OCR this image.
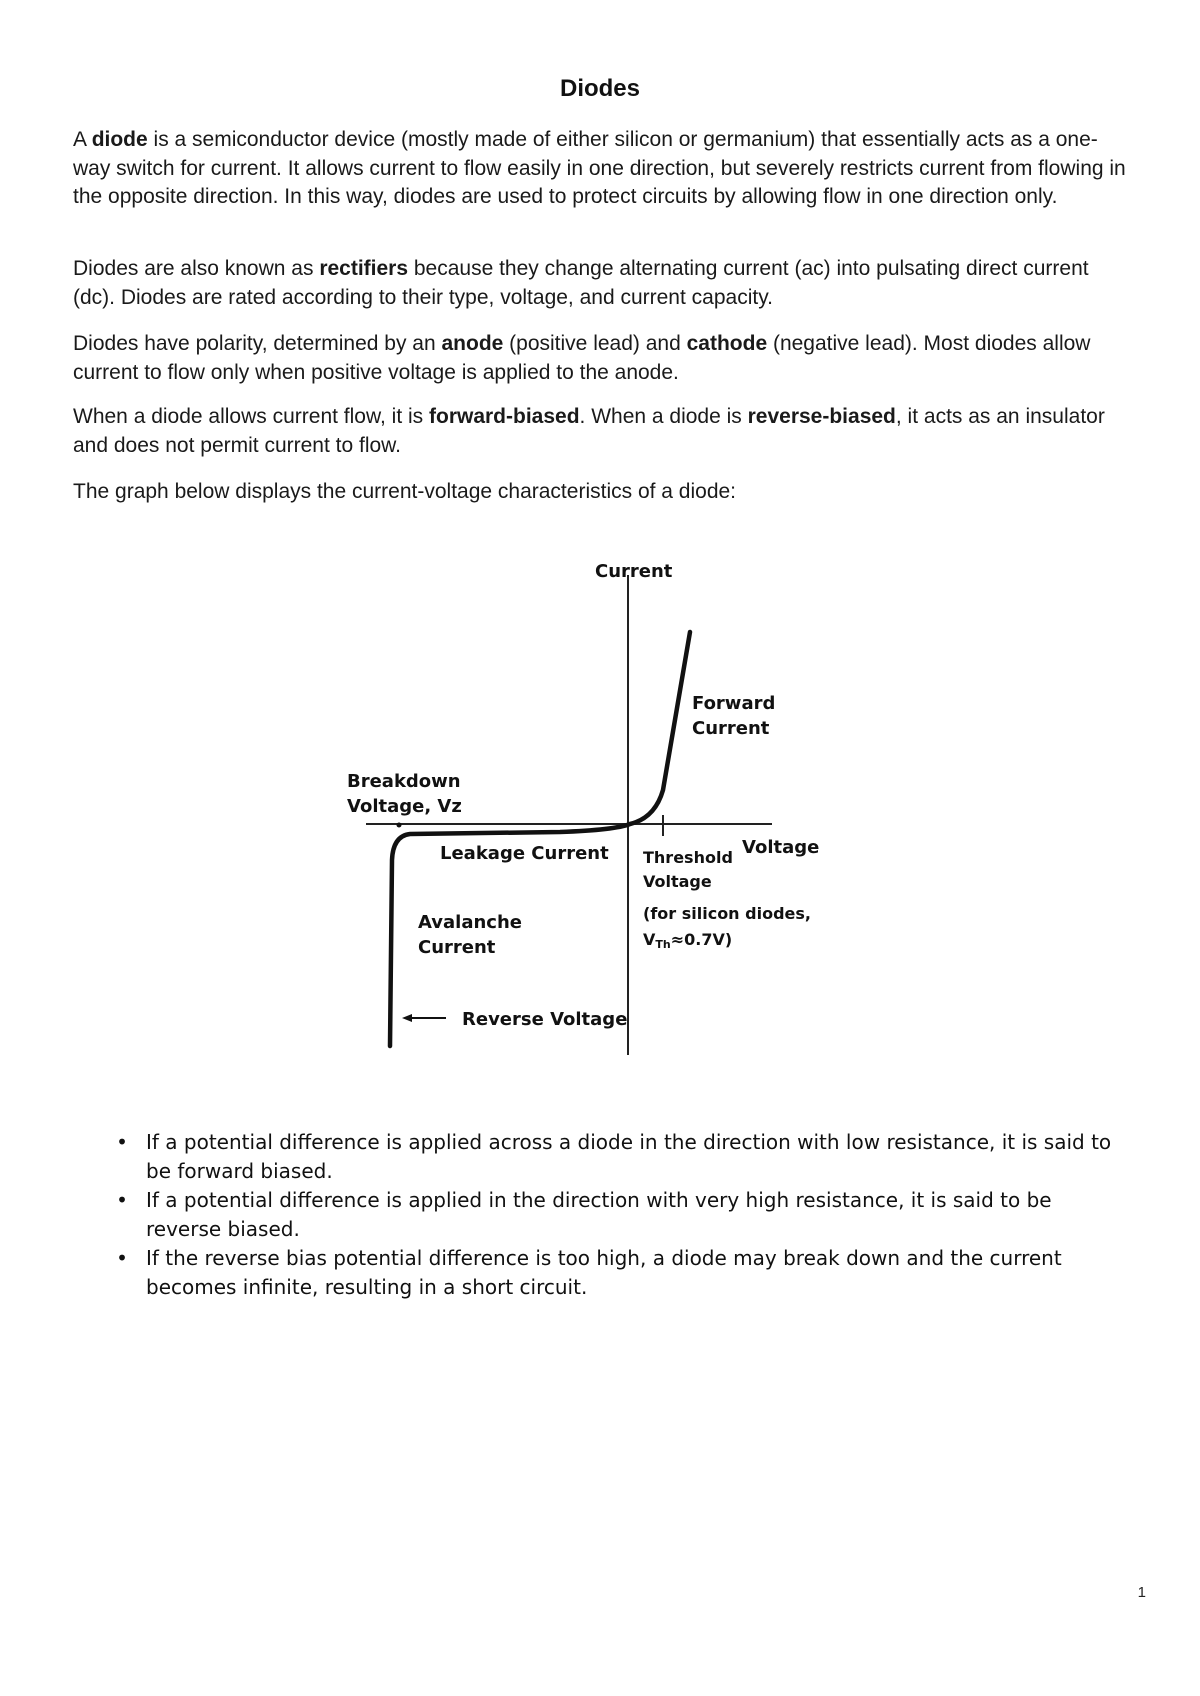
Diodes
A diode is a semiconductor device (mostly made of either silicon or germanium) that essentially acts as a one-way switch for current. It allows current to flow easily in one direction, but severely restricts current from flowing in the opposite direction. In this way, diodes are used to protect circuits by allowing flow in one direction only.
Diodes are also known as rectifiers because they change alternating current (ac) into pulsating direct current (dc). Diodes are rated according to their type, voltage, and current capacity.
Diodes have polarity, determined by an anode (positive lead) and cathode (negative lead). Most diodes allow current to flow only when positive voltage is applied to the anode.
When a diode allows current flow, it is forward-biased. When a diode is reverse-biased, it acts as an insulator and does not permit current to flow.
The graph below displays the current-voltage characteristics of a diode:
Current
Forward
Current
Breakdown
Voltage, Vz
Leakage Current	Voltage
Threshold
Voltage
(for silicon diodes,
VTh≈0.7V)
Avalanche
Current
Reverse Voltage
• If a potential difference is applied across a diode in the direction with low resistance, it is said to be forward biased.
• If a potential difference is applied in the direction with very high resistance, it is said to be reverse biased.
• If the reverse bias potential difference is too high, a diode may break down and the current becomes infinite, resulting in a short circuit.
1
